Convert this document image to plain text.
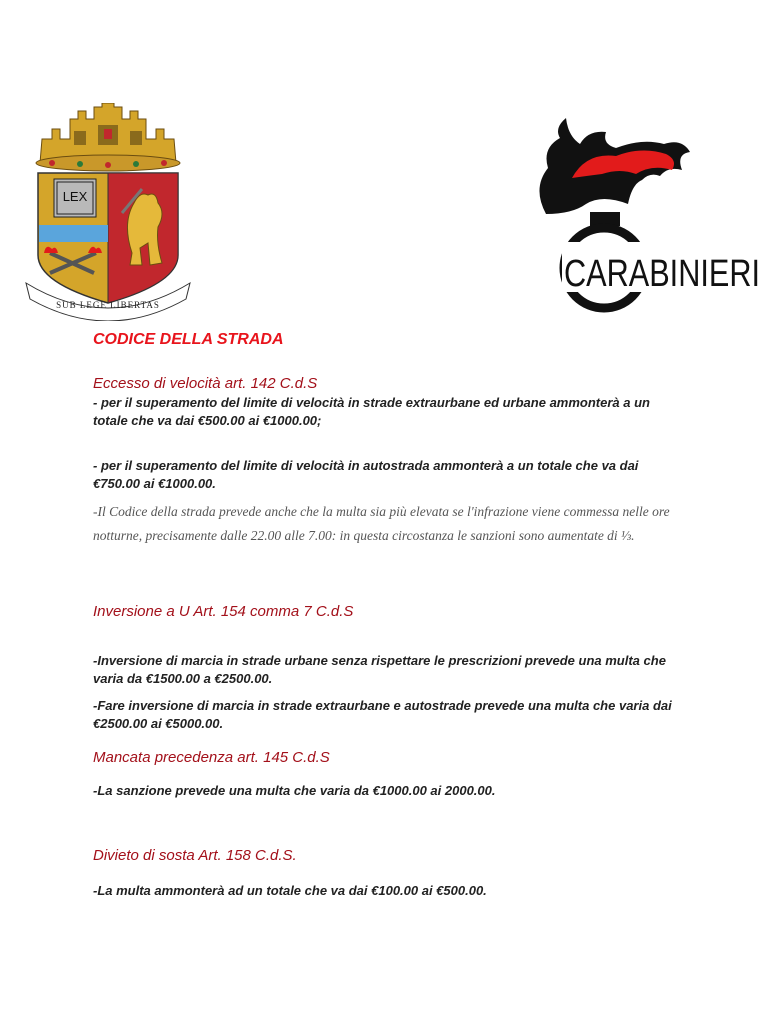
LEX
SUB LEGE LIBERTAS
CARABINIERI
CODICE DELLA STRADA
Eccesso di velocità art. 142 C.d.S
- per il superamento del limite di velocità in strade extraurbane ed urbane ammonterà a un totale che va dai €500.00 ai €1000.00;
- per il superamento del limite di velocità in autostrada ammonterà a un totale che va dai €750.00 ai €1000.00.
-Il Codice della strada prevede anche che la multa sia più elevata se l'infrazione viene commessa nelle ore notturne, precisamente dalle 22.00 alle 7.00: in questa circostanza le sanzioni sono aumentate di ⅓.
Inversione a U Art. 154 comma 7 C.d.S
-Inversione di marcia in strade urbane senza rispettare le prescrizioni prevede una multa che varia da €1500.00 a €2500.00.
-Fare inversione di marcia in strade extraurbane e autostrade prevede una multa che varia dai €2500.00 ai €5000.00.
Mancata precedenza art. 145 C.d.S
-La sanzione prevede una multa che varia da €1000.00 ai 2000.00.
Divieto di sosta Art. 158 C.d.S.
-La multa ammonterà ad un totale che va dai €100.00 ai €500.00.
